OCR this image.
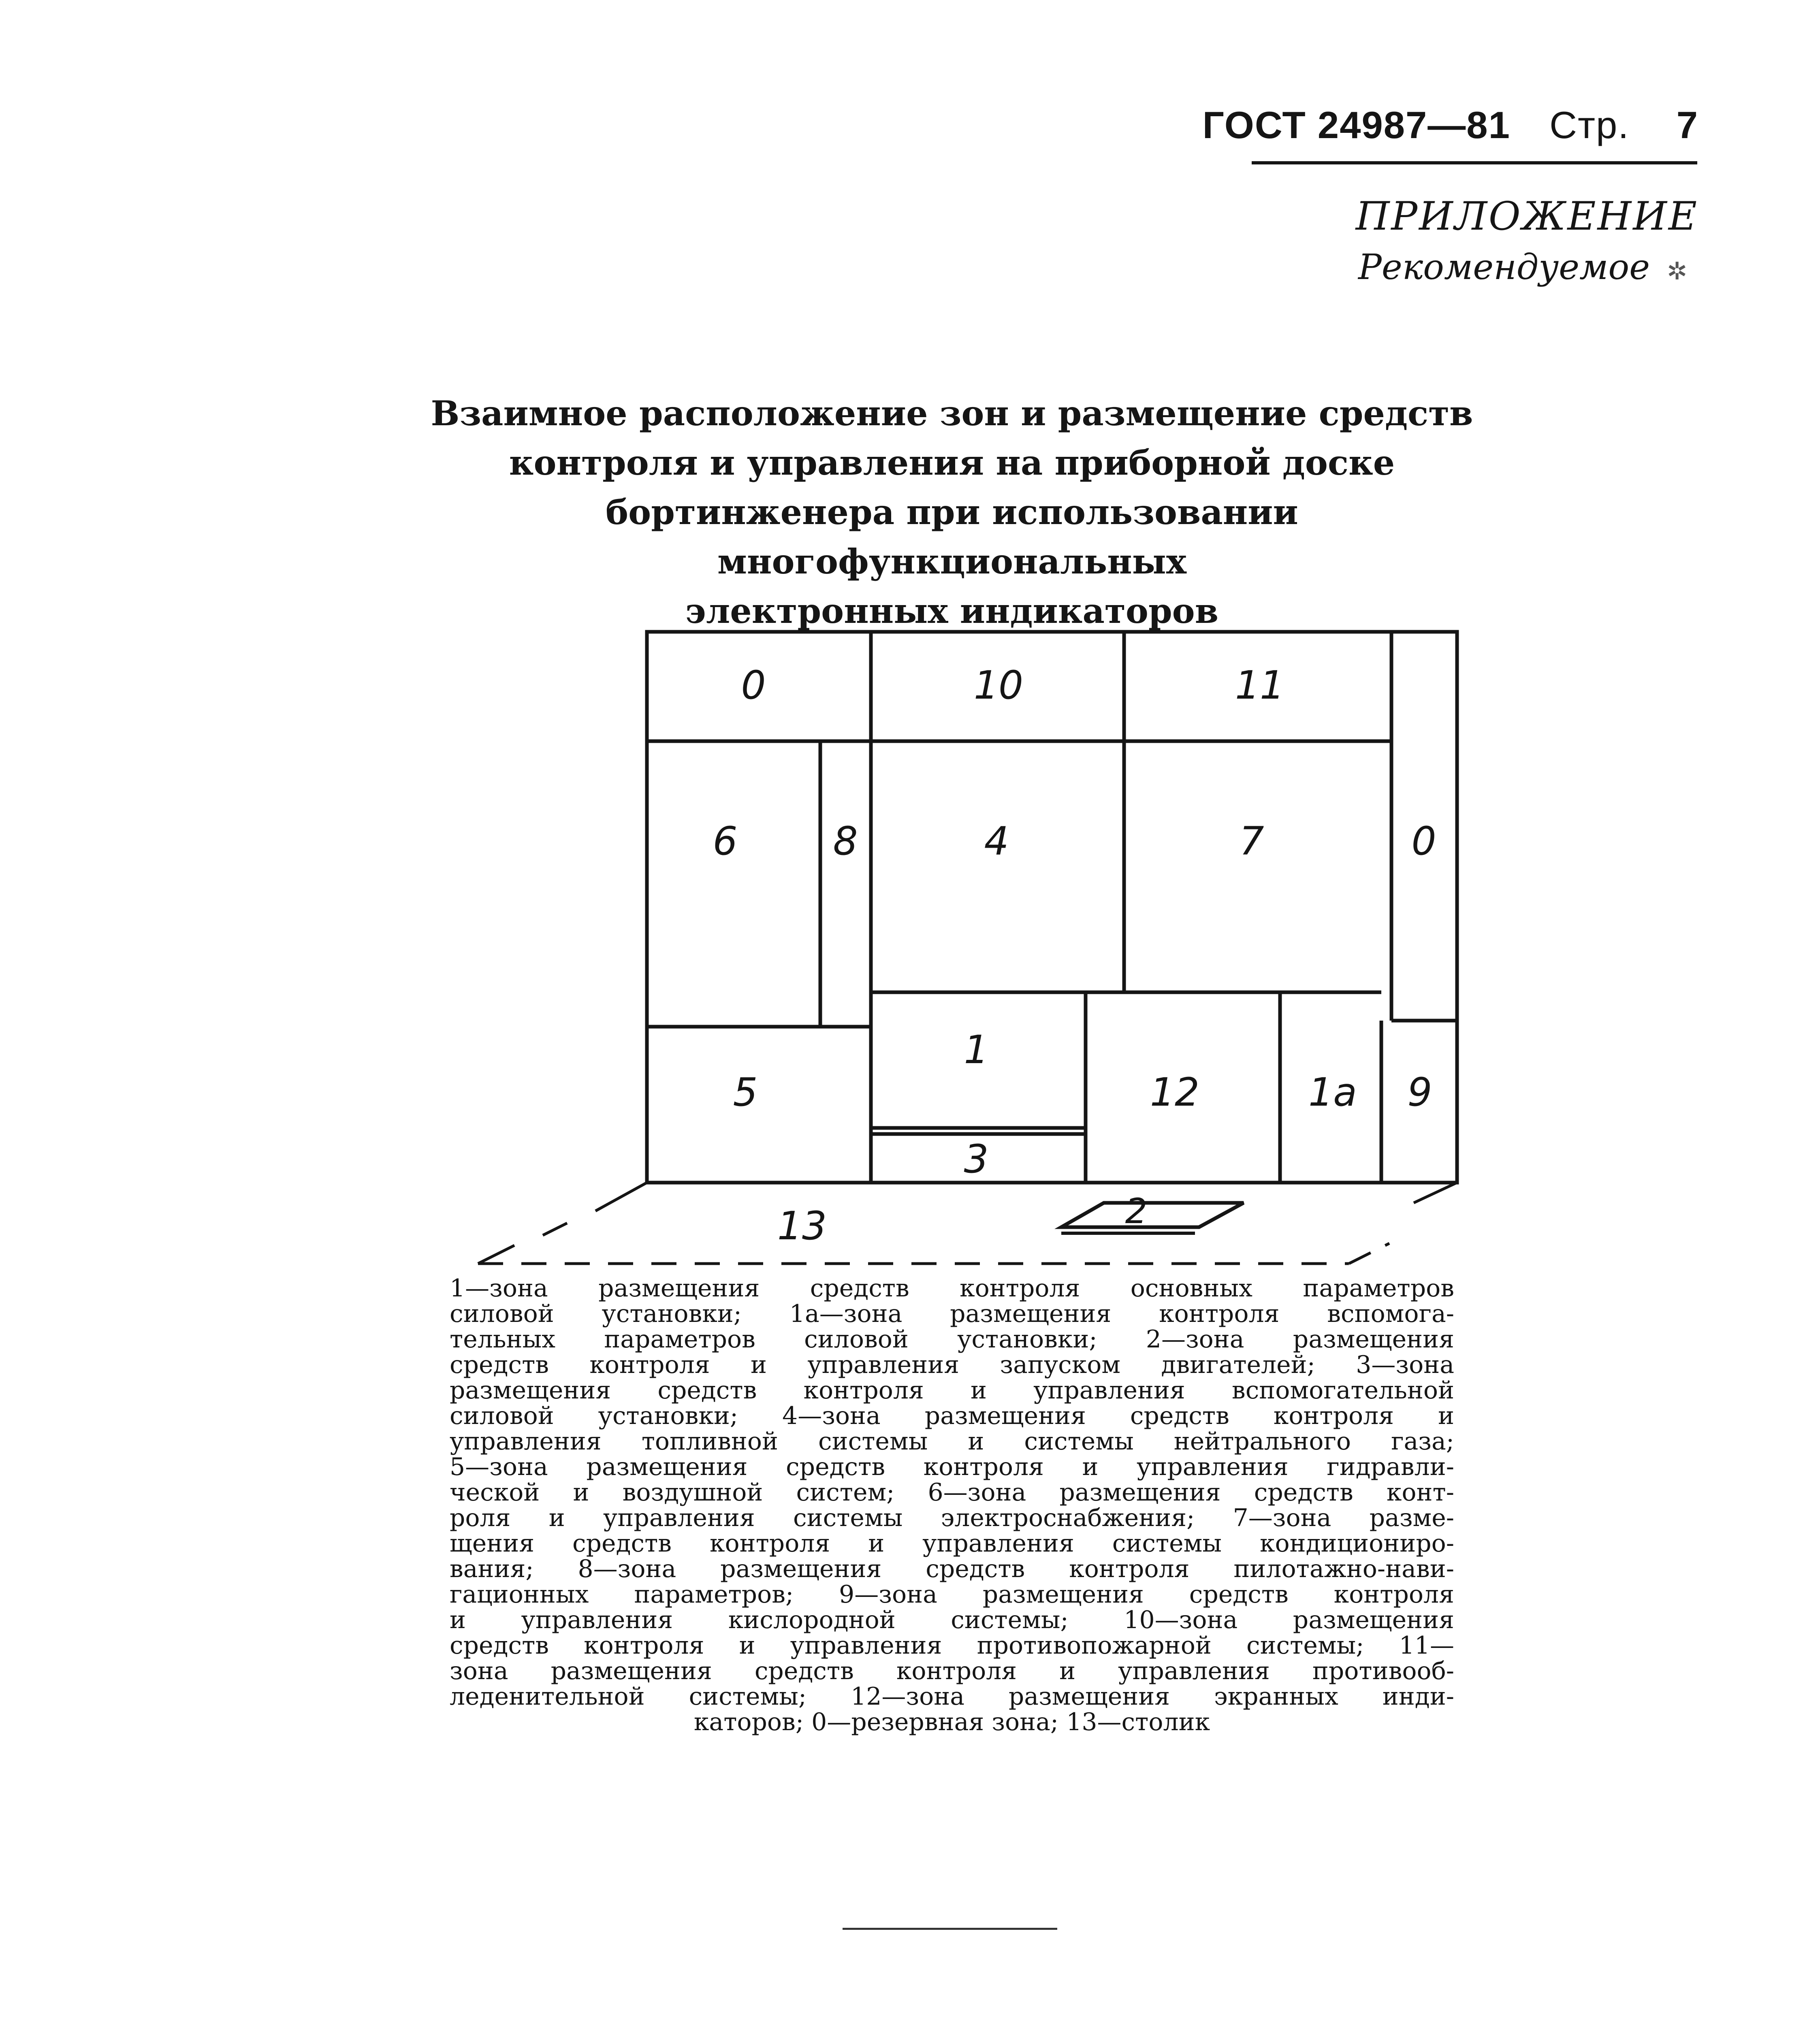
ГОСТ 24987—81 Стр. 7
ПРИЛОЖЕНИЕ
Рекомендуемое ✲
Взаимное расположение зон и размещение средств
контроля и управления на приборной доске
бортинженера при использовании многофункциональных
электронных индикаторов
0	10	11
6 8	4	7	0
5
1
12	1a 9
3
13	2
1—зона размещения средств контроля основных параметров
силовой установки; 1а—зона размещения контроля вспомога-
тельных параметров силовой установки; 2—зона размещения
средств контроля и управления запуском двигателей; 3—зона
размещения средств контроля и управления вспомогательной
силовой установки; 4—зона размещения средств контроля и
управления топливной системы и системы нейтрального газа;
5—зона размещения средств контроля и управления гидравли-
ческой и воздушной систем; 6—зона размещения средств конт-
роля и управления системы электроснабжения; 7—зона разме-
щения средств контроля и управления системы кондициониро-
вания; 8—зона размещения средств контроля пилотажно-нави-
гационных параметров; 9—зона размещения средств контроля
и управления кислородной системы; 10—зона размещения
средств контроля и управления противопожарной системы; 11—
зона размещения средств контроля и управления противооб-
леденительной системы; 12—зона размещения экранных инди-
каторов; 0—резервная зона; 13—столик
